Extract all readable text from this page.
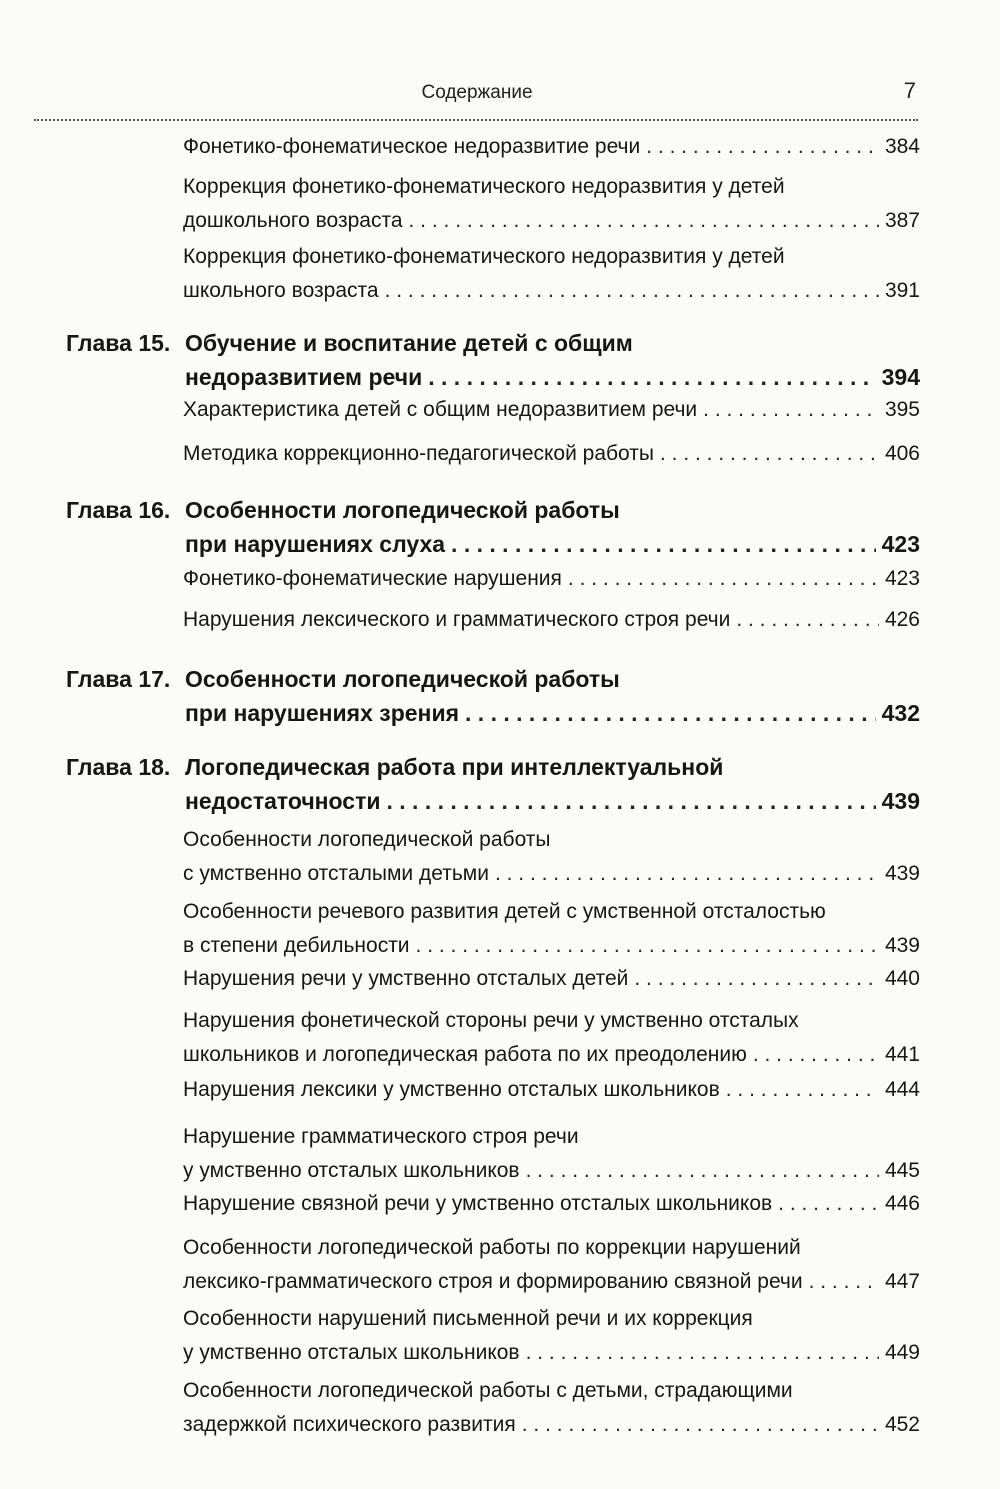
Содержание	7
Фонетико-фонематическое недоразвитие речи . . .	384
Коррекция фонетико-фонематического недоразвития у детей
дошкольного возраста . . .	387
Коррекция фонетико-фонематического недоразвития у детей
школьного возраста . . .	391
Глава 15. Обучение и воспитание детей с общим
недоразвитием речи . . .	394
Характеристика детей с общим недоразвитием речи . . .	395
Методика коррекционно-педагогической работы . . .	406
Глава 16. Особенности логопедической работы
при нарушениях слуха . . .	423
Фонетико-фонематические нарушения . . .	423
Нарушения лексического и грамматического строя речи . . .	426
Глава 17. Особенности логопедической работы
при нарушениях зрения . . .	432
Глава 18. Логопедическая работа при интеллектуальной
недостаточности . . .	439
Особенности логопедической работы
с умственно отсталыми детьми . . .	439
Особенности речевого развития детей с умственной отсталостью
в степени дебильности . . .	439
Нарушения речи у умственно отсталых детей . . .	440
Нарушения фонетической стороны речи у умственно отсталых
школьников и логопедическая работа по их преодолению . . .	441
Нарушения лексики у умственно отсталых школьников . . .	444
Нарушение грамматического строя речи
у умственно отсталых школьников . . .	445
Нарушение связной речи у умственно отсталых школьников . . .	446
Особенности логопедической работы по коррекции нарушений
лексико-грамматического строя и формированию связной речи . . .	447
Особенности нарушений письменной речи и их коррекция
у умственно отсталых школьников . . .	449
Особенности логопедической работы с детьми, страдающими
задержкой психического развития . . .	452
